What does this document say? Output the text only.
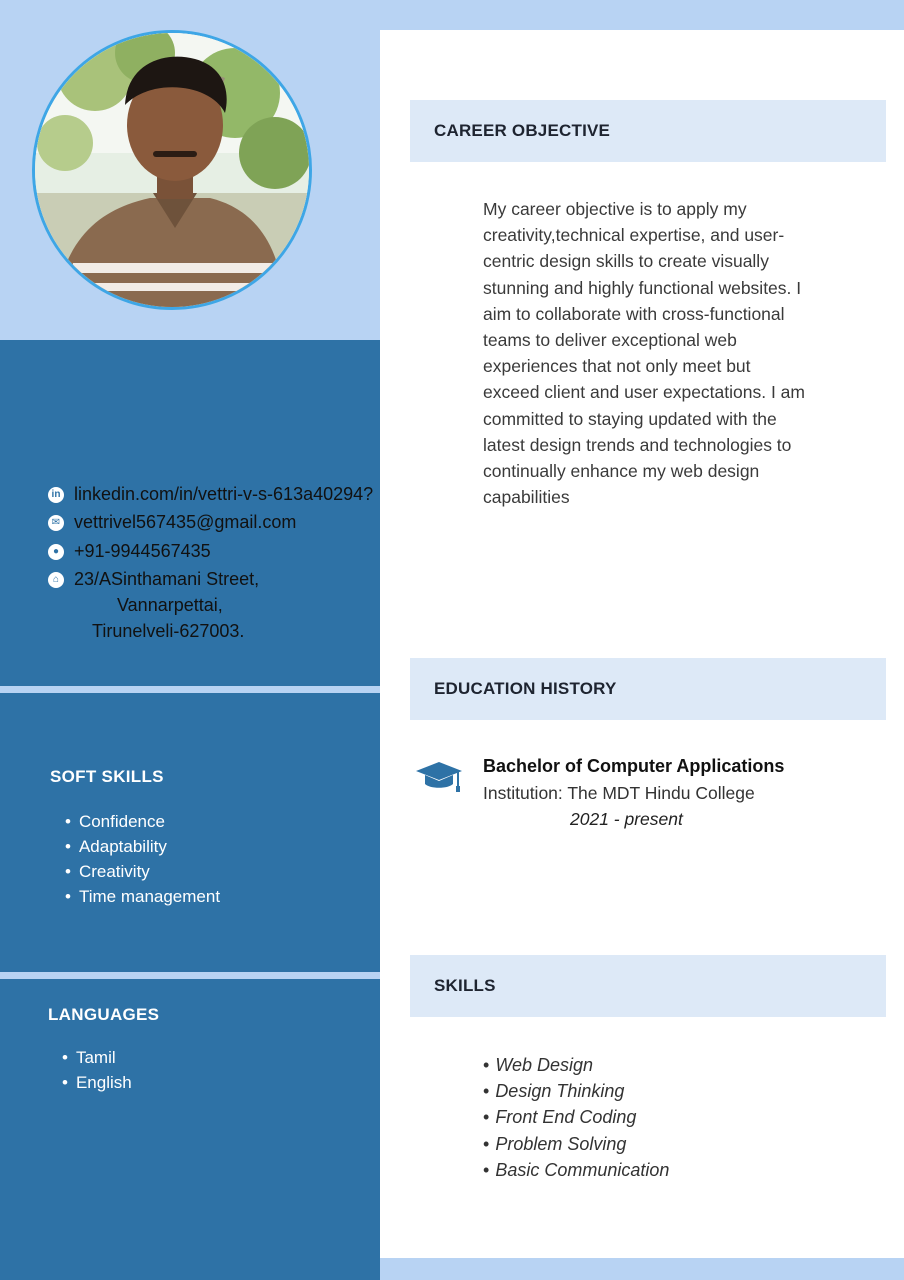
in linkedin.com/in/vettri-v-s-613a40294?
✉ vettrivel567435@gmail.com
● +91-9944567435
⌂ 23/ASinthamani Street,
Vannarpettai,
Tirunelveli-627003.
SOFT SKILLS
• Confidence
• Adaptability
• Creativity
• Time management
LANGUAGES
• Tamil
• English
CAREER OBJECTIVE
My career objective is to apply my
creativity,technical expertise, and user-
centric design skills to create visually
stunning and highly functional websites. I
aim to collaborate with cross-functional
teams to deliver exceptional web
experiences that not only meet but
exceed client and user expectations. I am
committed to staying updated with the
latest design trends and technologies to
continually enhance my web design
capabilities
EDUCATION HISTORY
Bachelor of Computer Applications
Institution: The MDT Hindu College
2021 - present
SKILLS
• Web Design
• Design Thinking
• Front End Coding
• Problem Solving
• Basic Communication
